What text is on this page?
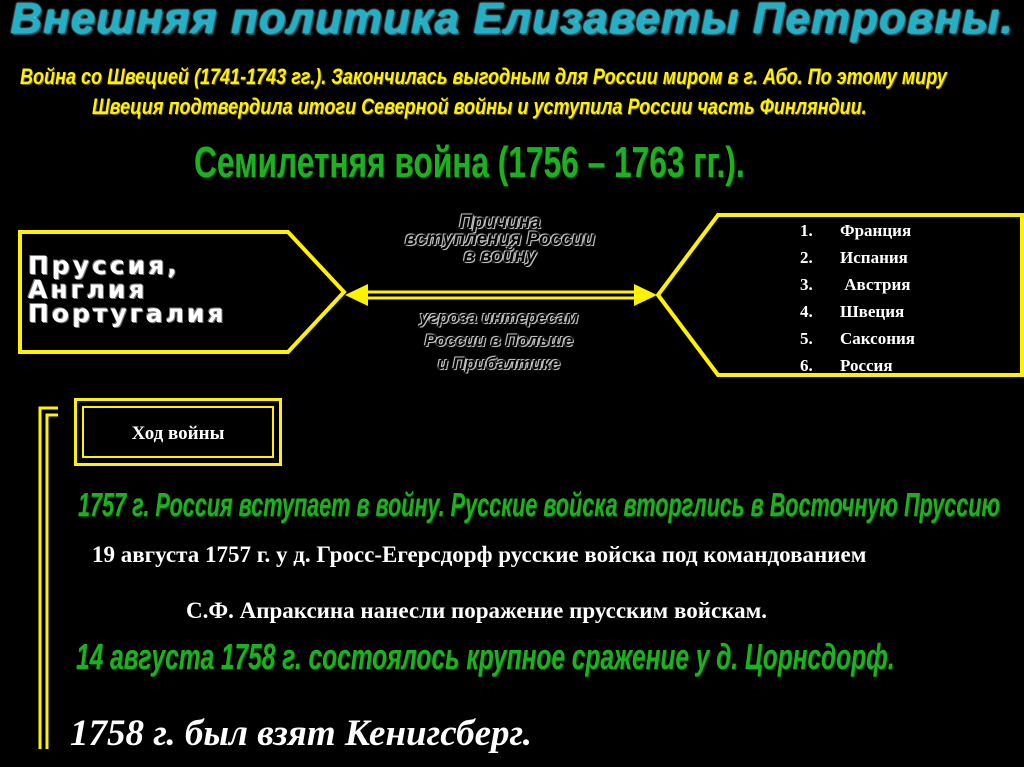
Внешняя политика Елизаветы Петровны.
Война со Швецией (1741-1743 гг.). Закончилась выгодным для России миром в г. Або. По этому миру
Швеция подтвердила итоги Северной войны и уступила России часть Финляндии.
Семилетняя война (1756 – 1763 гг.).
Пруссия,
Англия
Португалия
Причина
вступления России
в войну
угроза интересам
России в Польше
и Прибалтике
1. Франция
2. Испания
3. Австрия
4. Швеция
5. Саксония
6. Россия
Ход войны
1757 г. Россия вступает в войну. Русские войска вторглись в Восточную Пруссию
19 августа 1757 г. у д. Гросс-Егерсдорф русские войска под командованием
С.Ф. Апраксина нанесли поражение прусским войскам.
14 августа 1758 г. состоялось крупное сражение у д. Цорнсдорф.
1758 г. был взят Кенигсберг.
